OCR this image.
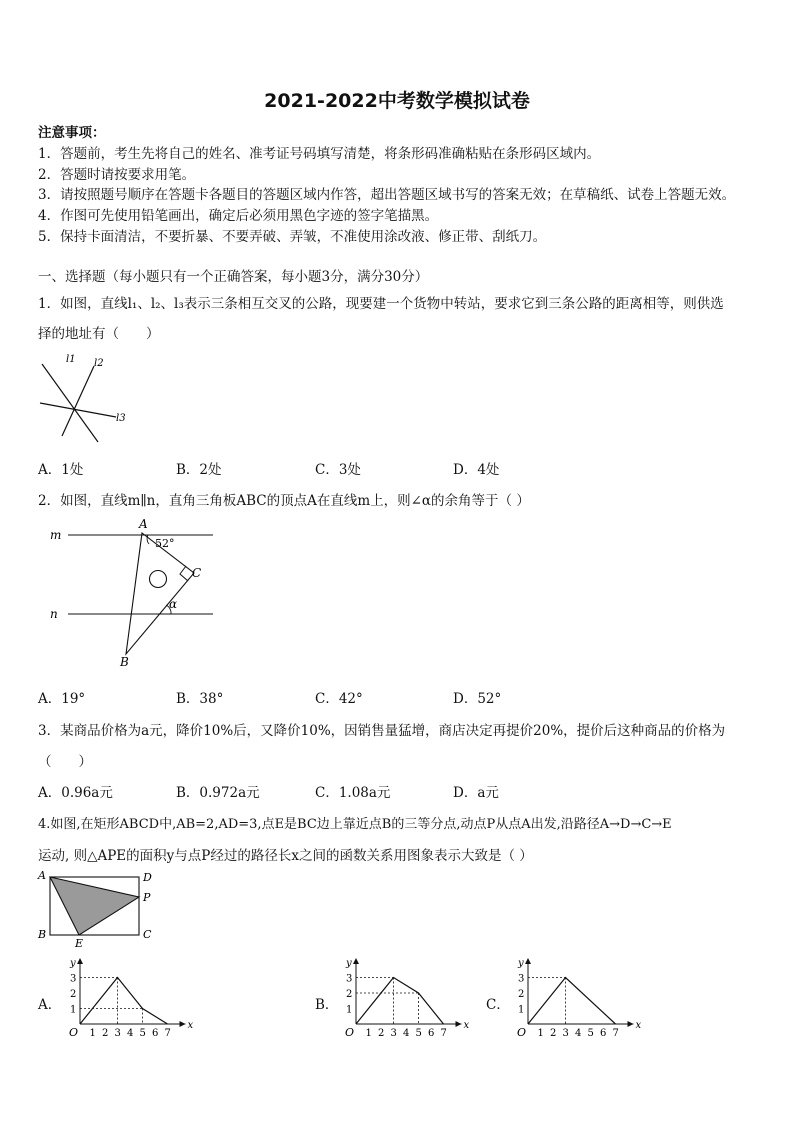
2021-2022中考数学模拟试卷
注意事项：
1．答题前，考生先将自己的姓名、准考证号码填写清楚，将条形码准确粘贴在条形码区域内。
2．答题时请按要求用笔。
3．请按照题号顺序在答题卡各题目的答题区域内作答，超出答题区域书写的答案无效；在草稿纸、试卷上答题无效。
4．作图可先使用铅笔画出，确定后必须用黑色字迹的签字笔描黑。
5．保持卡面清洁，不要折暴、不要弄破、弄皱，不准使用涂改液、修正带、刮纸刀。
一、选择题（每小题只有一个正确答案，每小题3分，满分30分）
1．如图，直线l₁、l₂、l₃表示三条相互交叉的公路，现要建一个货物中转站，要求它到三条公路的距离相等，则供选
择的地址有（　　）
l1 l2
l3
A．1处	B．2处	C．3处	D．4处
2．如图，直线m∥n，直角三角板ABC的顶点A在直线m上，则∠α的余角等于（ ）
m
n
A
B
C
52°
α
A．19°	B．38°	C．42°	D．52°
3．某商品价格为a元，降价10%后，又降价10%，因销售量猛增，商店决定再提价20%，提价后这种商品的价格为
（　　）
A．0.96a元	B．0.972a元	C．1.08a元	D．a元
4.如图,在矩形ABCD中,AB=2,AD=3,点E是BC边上靠近点B的三等分点,动点P从点A出发,沿路径A→D→C→E
运动, 则△APE的面积y与点P经过的路径长x之间的函数关系用图象表示大致是（ ）
A	D
P
B
E
C
A．	B．	C．
x
y
O 1 2 3 4 5 6 7
1
2
3
x
y
O 1 2 3 4 5 6 7
1
2
3
x
y
O 1 2 3 4 5 6 7
1
2
3
